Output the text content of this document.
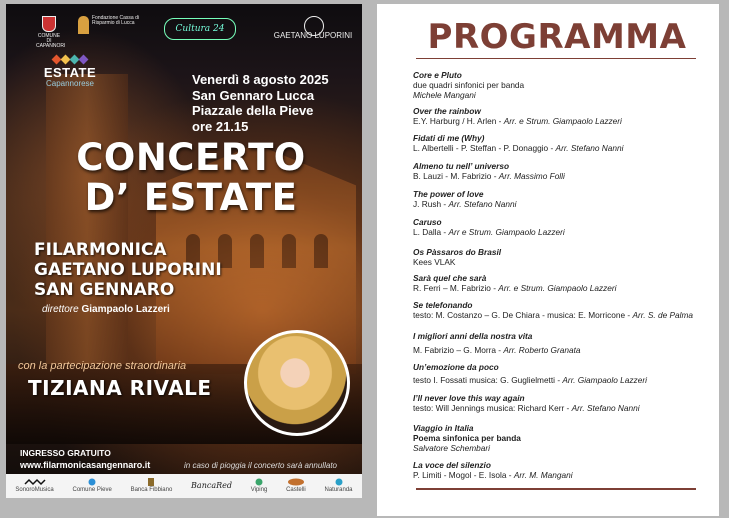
COMUNE DI CAPANNORI
Fondazione Cassa di Risparmio di Lucca
Cultura 24
GAETANO LUPORINI
ESTATE
Capannorese	Venerdì 8 agosto 2025
San Gennaro Lucca
Piazzale della Pieve
ore 21.15
CONCERTO
D’ ESTATE
FILARMONICA
GAETANO LUPORINI
SAN GENNARO
direttore Giampaolo Lazzeri
con la partecipazione straordinaria
TIZIANA RIVALE
INGRESSO GRATUITO
www.filarmonicasangennaro.it	in caso di pioggia il concerto sarà annullato
SonoroMusica	Comune Pieve	Banca Fibbiano
BancaRed
Viping	Castelli	Naturanda
PROGRAMMA
Core e Pluto
due quadri sinfonici per banda
Michele Mangani
Over the rainbow
E.Y. Harburg / H. Arlen - Arr. e Strum. Giampaolo Lazzeri
Fidati di me (Why)
L. Albertelli - P. Steffan - P. Donaggio - Arr. Stefano Nanni
Almeno tu nell’ universo
B. Lauzi - M. Fabrizio - Arr. Massimo Folli
The power of love
J. Rush - Arr. Stefano Nanni
Caruso
L. Dalla - Arr e Strum. Giampaolo Lazzeri
Os Pàssaros do Brasil
Kees VLAK
Sarà quel che sarà
R. Ferri – M. Fabrizio - Arr. e Strum. Giampaolo Lazzeri
Se telefonando
testo: M. Costanzo – G. De Chiara - musica: E. Morricone - Arr. S. de Palma
I migliori anni della nostra vita
M. Fabrizio – G. Morra - Arr. Roberto Granata
Un’emozione da poco
testo I. Fossati musica: G. Guglielmetti - Arr. Giampaolo Lazzeri
I’ll never love this way again
testo: Will Jennings musica: Richard Kerr - Arr. Stefano Nanni
Viaggio in Italia
Poema sinfonica per banda
Salvatore Schembari
La voce del silenzio
P. Limiti - Mogol - E. Isola - Arr. M. Mangani
